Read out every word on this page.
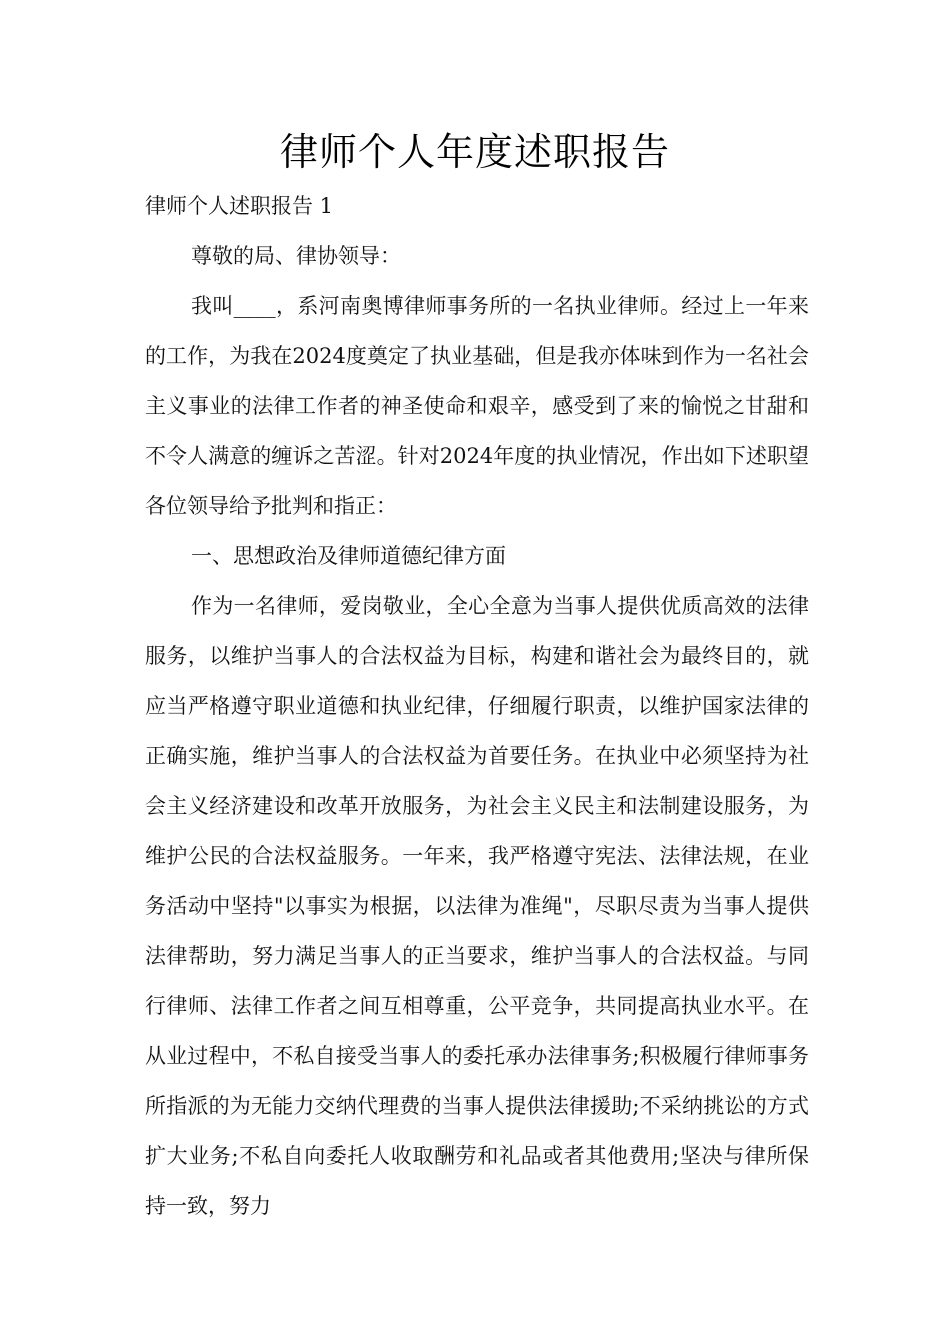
律师个人年度述职报告

律师个人述职报告 1

尊敬的局、律协领导：

我叫____，系河南奥博律师事务所的一名执业律师。经过上一年来的工作，为我在2024度奠定了执业基础，但是我亦体味到作为一名社会主义事业的法律工作者的神圣使命和艰辛，感受到了来的愉悦之甘甜和不令人满意的缠诉之苦涩。针对2024年度的执业情况，作出如下述职望各位领导给予批判和指正：

一、思想政治及律师道德纪律方面

作为一名律师，爱岗敬业，全心全意为当事人提供优质高效的法律服务，以维护当事人的合法权益为目标，构建和谐社会为最终目的，就应当严格遵守职业道德和执业纪律，仔细履行职责，以维护国家法律的正确实施，维护当事人的合法权益为首要任务。在执业中必须坚持为社会主义经济建设和改革开放服务，为社会主义民主和法制建设服务，为维护公民的合法权益服务。一年来，我严格遵守宪法、法律法规，在业务活动中坚持"以事实为根据，以法律为准绳"，尽职尽责为当事人提供法律帮助，努力满足当事人的正当要求，维护当事人的合法权益。与同行律师、法律工作者之间互相尊重，公平竞争，共同提高执业水平。在从业过程中，不私自接受当事人的委托承办法律事务;积极履行律师事务所指派的为无能力交纳代理费的当事人提供法律援助;不采纳挑讼的方式扩大业务;不私自向委托人收取酬劳和礼品或者其他费用;坚决与律所保持一致，努力
